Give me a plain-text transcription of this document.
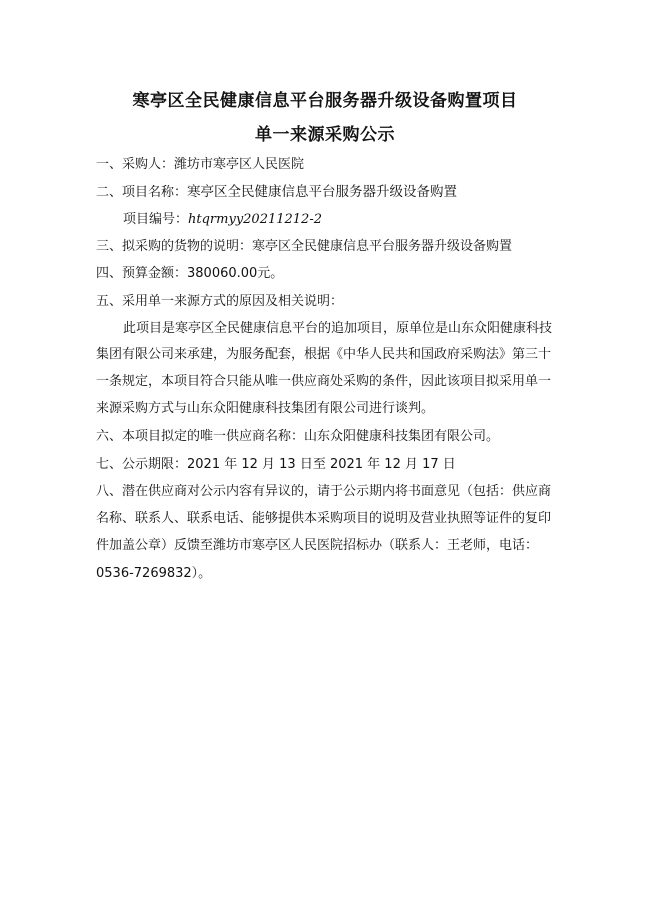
寒亭区全民健康信息平台服务器升级设备购置项目
单一来源采购公示
一、采购人：潍坊市寒亭区人民医院
二、项目名称：寒亭区全民健康信息平台服务器升级设备购置
项目编号：htqrmyy20211212-2
三、拟采购的货物的说明：寒亭区全民健康信息平台服务器升级设备购置
四、预算金额：380060.00元。
五、采用单一来源方式的原因及相关说明：
此项目是寒亭区全民健康信息平台的追加项目，原单位是山东众阳健康科技
集团有限公司来承建，为服务配套，根据《中华人民共和国政府采购法》第三十
一条规定，本项目符合只能从唯一供应商处采购的条件，因此该项目拟采用单一
来源采购方式与山东众阳健康科技集团有限公司进行谈判。
六、本项目拟定的唯一供应商名称：山东众阳健康科技集团有限公司。
七、公示期限：2021 年 12 月 13 日至 2021 年 12 月 17 日
八、潜在供应商对公示内容有异议的，请于公示期内将书面意见（包括：供应商
名称、联系人、联系电话、能够提供本采购项目的说明及营业执照等证件的复印
件加盖公章）反馈至潍坊市寒亭区人民医院招标办（联系人：王老师，电话：
0536-7269832）。
